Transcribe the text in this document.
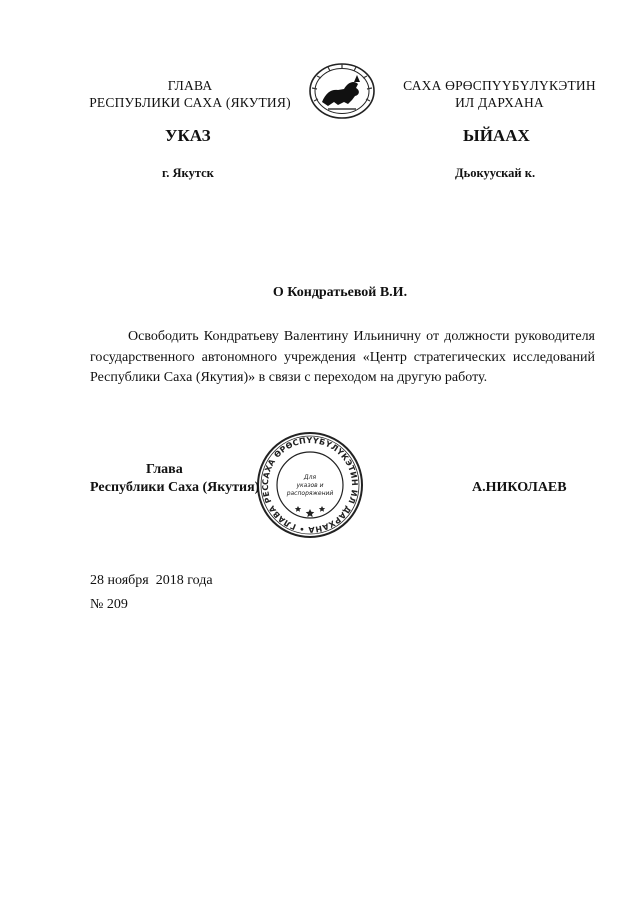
ГЛАВА
РЕСПУБЛИКИ САХА (ЯКУТИЯ)
САХА ӨРӨСПҮҮБҮЛҮКЭТИН
ИЛ ДАРХАНА
УКАЗ	ЫЙААХ
г. Якутск	Дьокуускай к.
О Кондратьевой В.И.
Освободить Кондратьеву Валентину Ильиничну от должности руководителя государственного автономного учреждения «Центр стратегических исследований Республики Саха (Якутия)» в связи с переходом на другую работу.
САХА ӨРӨСПҮҮБҮЛҮКЭТИН ИЛ ДАРХАНА • ГЛАВА РЕС
Для
указов и
распоряжений
Глава
Республики Саха (Якутия)	А.НИКОЛАЕВ
28 ноября  2018 года
№ 209
